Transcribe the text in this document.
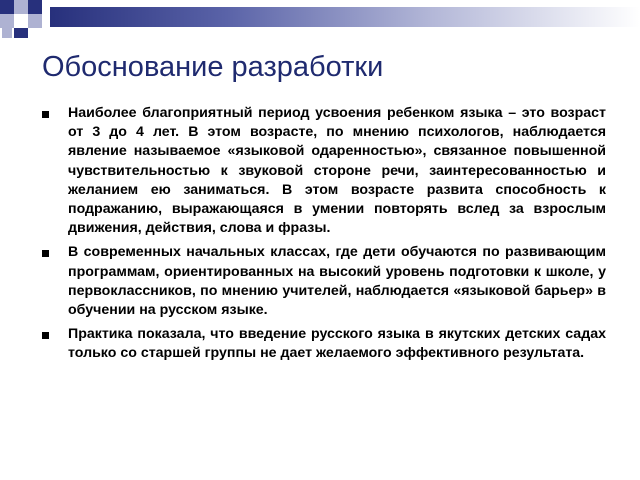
Обоснование разработки
Наиболее благоприятный период усвоения ребенком языка – это возраст от 3 до 4 лет. В этом возрасте, по мнению психологов, наблюдается явление называемое «языковой одаренностью», связанное повышенной чувствительностью к звуковой стороне речи, заинтересованностью и желанием ею заниматься. В этом возрасте развита способность к подражанию, выражающаяся в умении повторять вслед за взрослым движения, действия, слова и фразы.
В современных начальных классах, где дети обучаются по развивающим программам, ориентированных на высокий уровень подготовки к школе, у первоклассников, по мнению учителей, наблюдается «языковой барьер» в обучении на русском языке.
Практика показала, что введение русского языка в якутских детских садах только со старшей группы не дает желаемого эффективного результата.
